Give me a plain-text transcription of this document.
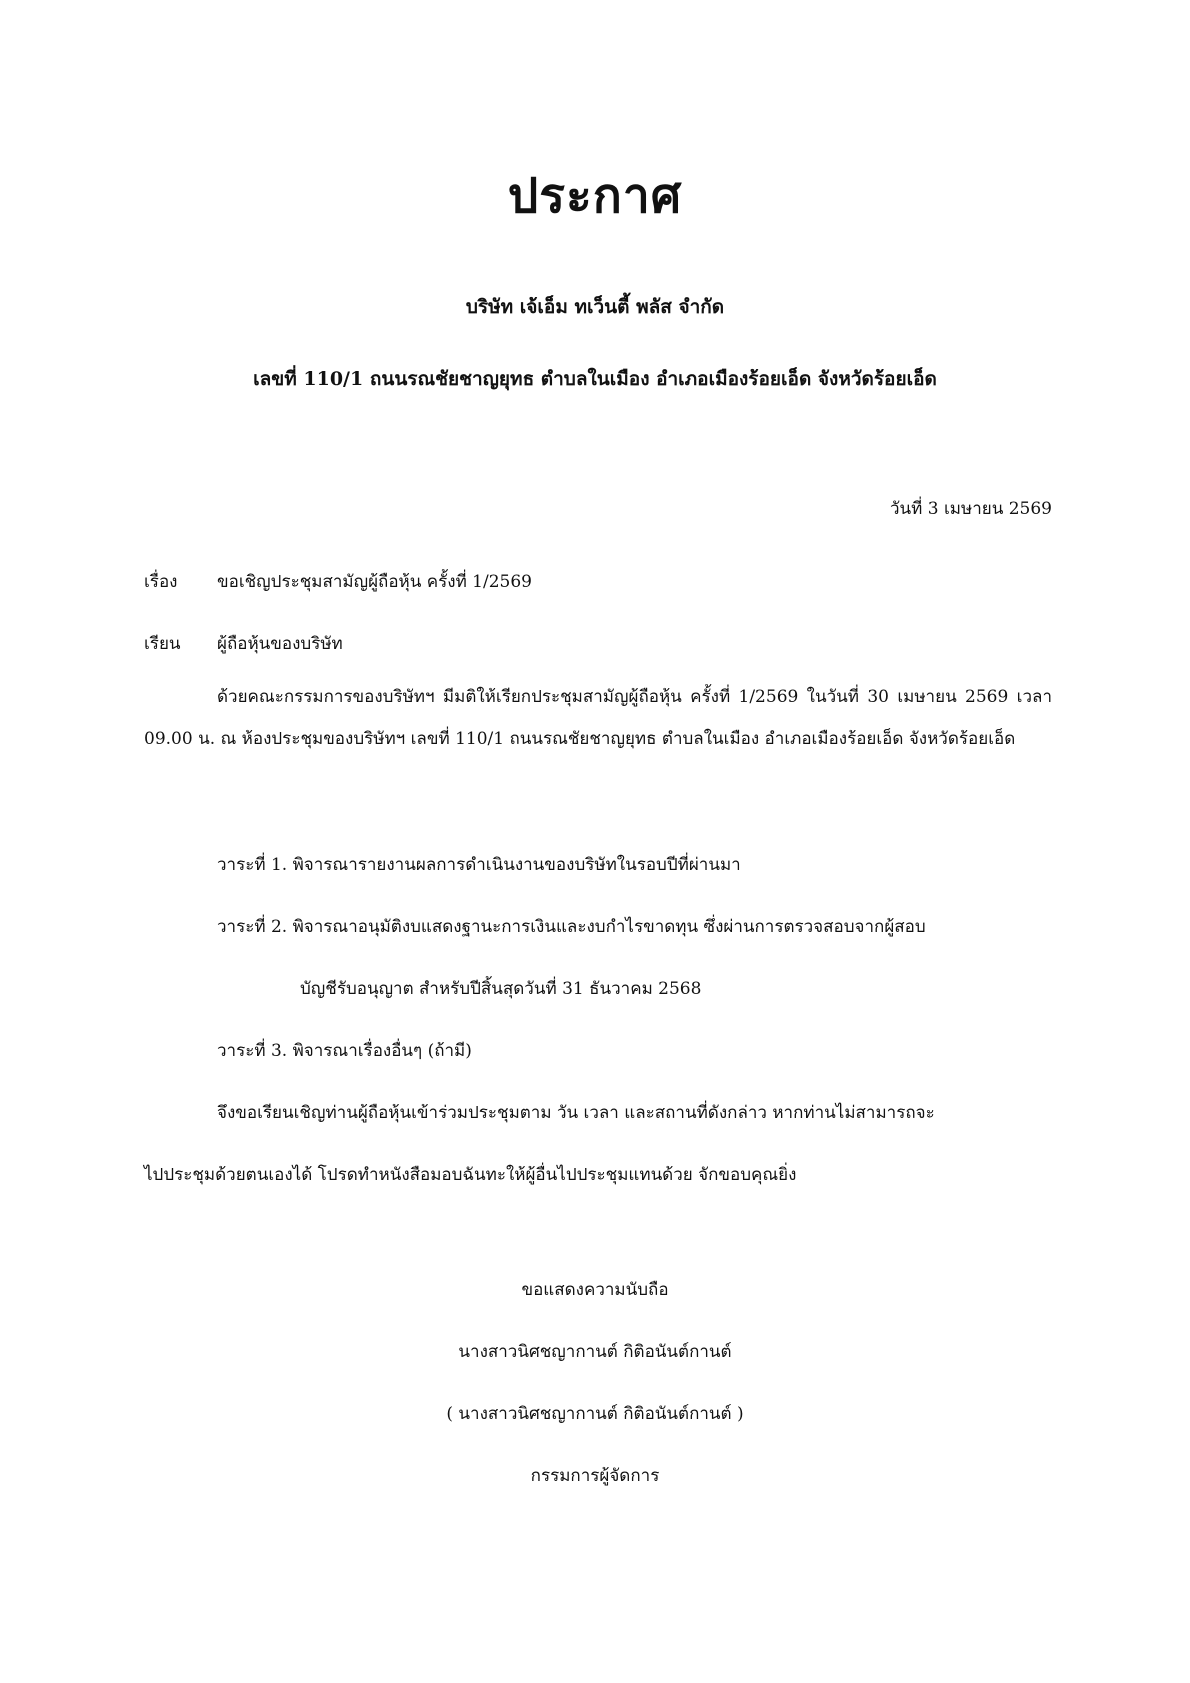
ประกาศ
บริษัท เจ้เอ็ม ทเว็นตี้ พลัส จำกัด
เลขที่ 110/1 ถนนรณชัยชาญยุทธ ตำบลในเมือง อำเภอเมืองร้อยเอ็ด จังหวัดร้อยเอ็ด
วันที่ 3 เมษายน 2569
เรื่อง ขอเชิญประชุมสามัญผู้ถือหุ้น ครั้งที่ 1/2569
เรียน ผู้ถือหุ้นของบริษัท
ด้วยคณะกรรมการของบริษัทฯ มีมติให้เรียกประชุมสามัญผู้ถือหุ้น ครั้งที่ 1/2569 ในวันที่ 30 เมษายน 2569 เวลา 09.00 น. ณ ห้องประชุมของบริษัทฯ เลขที่ 110/1 ถนนรณชัยชาญยุทธ ตำบลในเมือง อำเภอเมืองร้อยเอ็ด จังหวัดร้อยเอ็ด
วาระที่ 1. พิจารณารายงานผลการดำเนินงานของบริษัทในรอบปีที่ผ่านมา
วาระที่ 2. พิจารณาอนุมัติงบแสดงฐานะการเงินและงบกำไรขาดทุน ซึ่งผ่านการตรวจสอบจากผู้สอบ
บัญชีรับอนุญาต สำหรับปีสิ้นสุดวันที่ 31 ธันวาคม 2568
วาระที่ 3. พิจารณาเรื่องอื่นๆ (ถ้ามี)
จึงขอเรียนเชิญท่านผู้ถือหุ้นเข้าร่วมประชุมตาม วัน เวลา และสถานที่ดังกล่าว หากท่านไม่สามารถจะ
ไปประชุมด้วยตนเองได้ โปรดทำหนังสือมอบฉันทะให้ผู้อื่นไปประชุมแทนด้วย จักขอบคุณยิ่ง
ขอแสดงความนับถือ
นางสาวนิศชญากานต์ กิติอนันต์กานต์
( นางสาวนิศชญากานต์ กิติอนันต์กานต์ )
กรรมการผู้จัดการ
